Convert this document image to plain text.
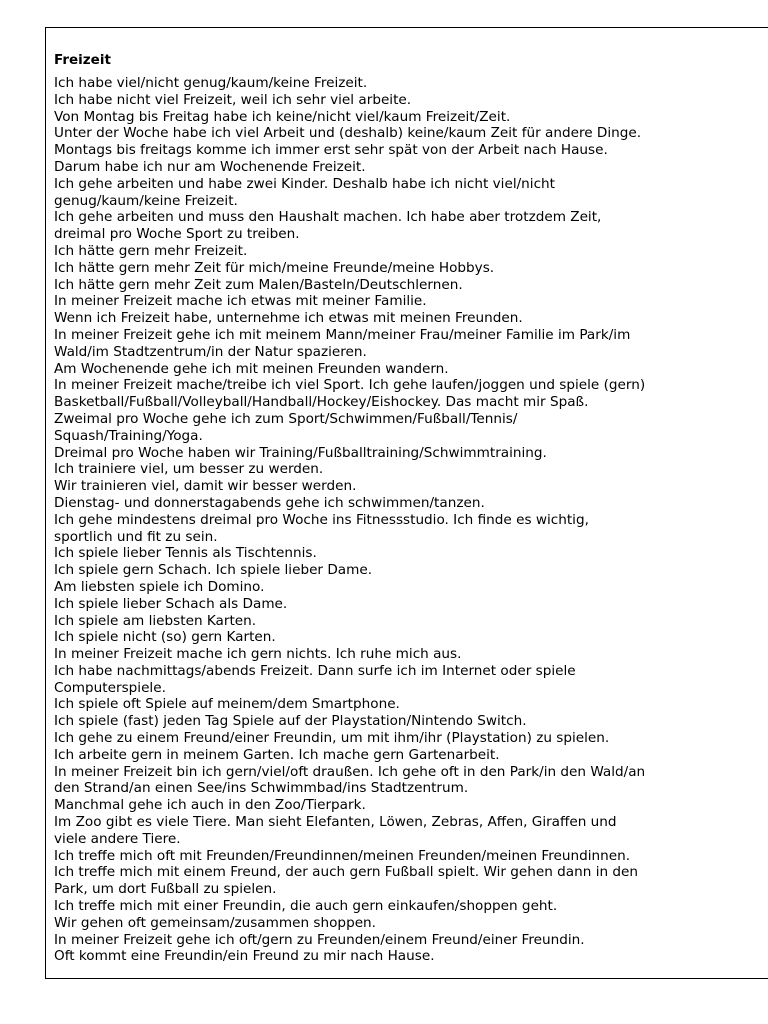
Freizeit
Ich habe viel/nicht genug/kaum/keine Freizeit.
Ich habe nicht viel Freizeit, weil ich sehr viel arbeite.
Von Montag bis Freitag habe ich keine/nicht viel/kaum Freizeit/Zeit.
Unter der Woche habe ich viel Arbeit und (deshalb) keine/kaum Zeit für andere Dinge.
Montags bis freitags komme ich immer erst sehr spät von der Arbeit nach Hause.
Darum habe ich nur am Wochenende Freizeit.
Ich gehe arbeiten und habe zwei Kinder. Deshalb habe ich nicht viel/nicht
genug/kaum/keine Freizeit.
Ich gehe arbeiten und muss den Haushalt machen. Ich habe aber trotzdem Zeit,
dreimal pro Woche Sport zu treiben.
Ich hätte gern mehr Freizeit.
Ich hätte gern mehr Zeit für mich/meine Freunde/meine Hobbys.
Ich hätte gern mehr Zeit zum Malen/Basteln/Deutschlernen.
In meiner Freizeit mache ich etwas mit meiner Familie.
Wenn ich Freizeit habe, unternehme ich etwas mit meinen Freunden.
In meiner Freizeit gehe ich mit meinem Mann/meiner Frau/meiner Familie im Park/im
Wald/im Stadtzentrum/in der Natur spazieren.
Am Wochenende gehe ich mit meinen Freunden wandern.
In meiner Freizeit mache/treibe ich viel Sport. Ich gehe laufen/joggen und spiele (gern)
Basketball/Fußball/Volleyball/Handball/Hockey/Eishockey. Das macht mir Spaß.
Zweimal pro Woche gehe ich zum Sport/Schwimmen/Fußball/Tennis/
Squash/Training/Yoga.
Dreimal pro Woche haben wir Training/Fußballtraining/Schwimmtraining.
Ich trainiere viel, um besser zu werden.
Wir trainieren viel, damit wir besser werden.
Dienstag- und donnerstagabends gehe ich schwimmen/tanzen.
Ich gehe mindestens dreimal pro Woche ins Fitnessstudio. Ich finde es wichtig,
sportlich und fit zu sein.
Ich spiele lieber Tennis als Tischtennis.
Ich spiele gern Schach. Ich spiele lieber Dame.
Am liebsten spiele ich Domino.
Ich spiele lieber Schach als Dame.
Ich spiele am liebsten Karten.
Ich spiele nicht (so) gern Karten.
In meiner Freizeit mache ich gern nichts. Ich ruhe mich aus.
Ich habe nachmittags/abends Freizeit. Dann surfe ich im Internet oder spiele
Computerspiele.
Ich spiele oft Spiele auf meinem/dem Smartphone.
Ich spiele (fast) jeden Tag Spiele auf der Playstation/Nintendo Switch.
Ich gehe zu einem Freund/einer Freundin, um mit ihm/ihr (Playstation) zu spielen.
Ich arbeite gern in meinem Garten. Ich mache gern Gartenarbeit.
In meiner Freizeit bin ich gern/viel/oft draußen. Ich gehe oft in den Park/in den Wald/an
den Strand/an einen See/ins Schwimmbad/ins Stadtzentrum.
Manchmal gehe ich auch in den Zoo/Tierpark.
Im Zoo gibt es viele Tiere. Man sieht Elefanten, Löwen, Zebras, Affen, Giraffen und
viele andere Tiere.
Ich treffe mich oft mit Freunden/Freundinnen/meinen Freunden/meinen Freundinnen.
Ich treffe mich mit einem Freund, der auch gern Fußball spielt. Wir gehen dann in den
Park, um dort Fußball zu spielen.
Ich treffe mich mit einer Freundin, die auch gern einkaufen/shoppen geht.
Wir gehen oft gemeinsam/zusammen shoppen.
In meiner Freizeit gehe ich oft/gern zu Freunden/einem Freund/einer Freundin.
Oft kommt eine Freundin/ein Freund zu mir nach Hause.
